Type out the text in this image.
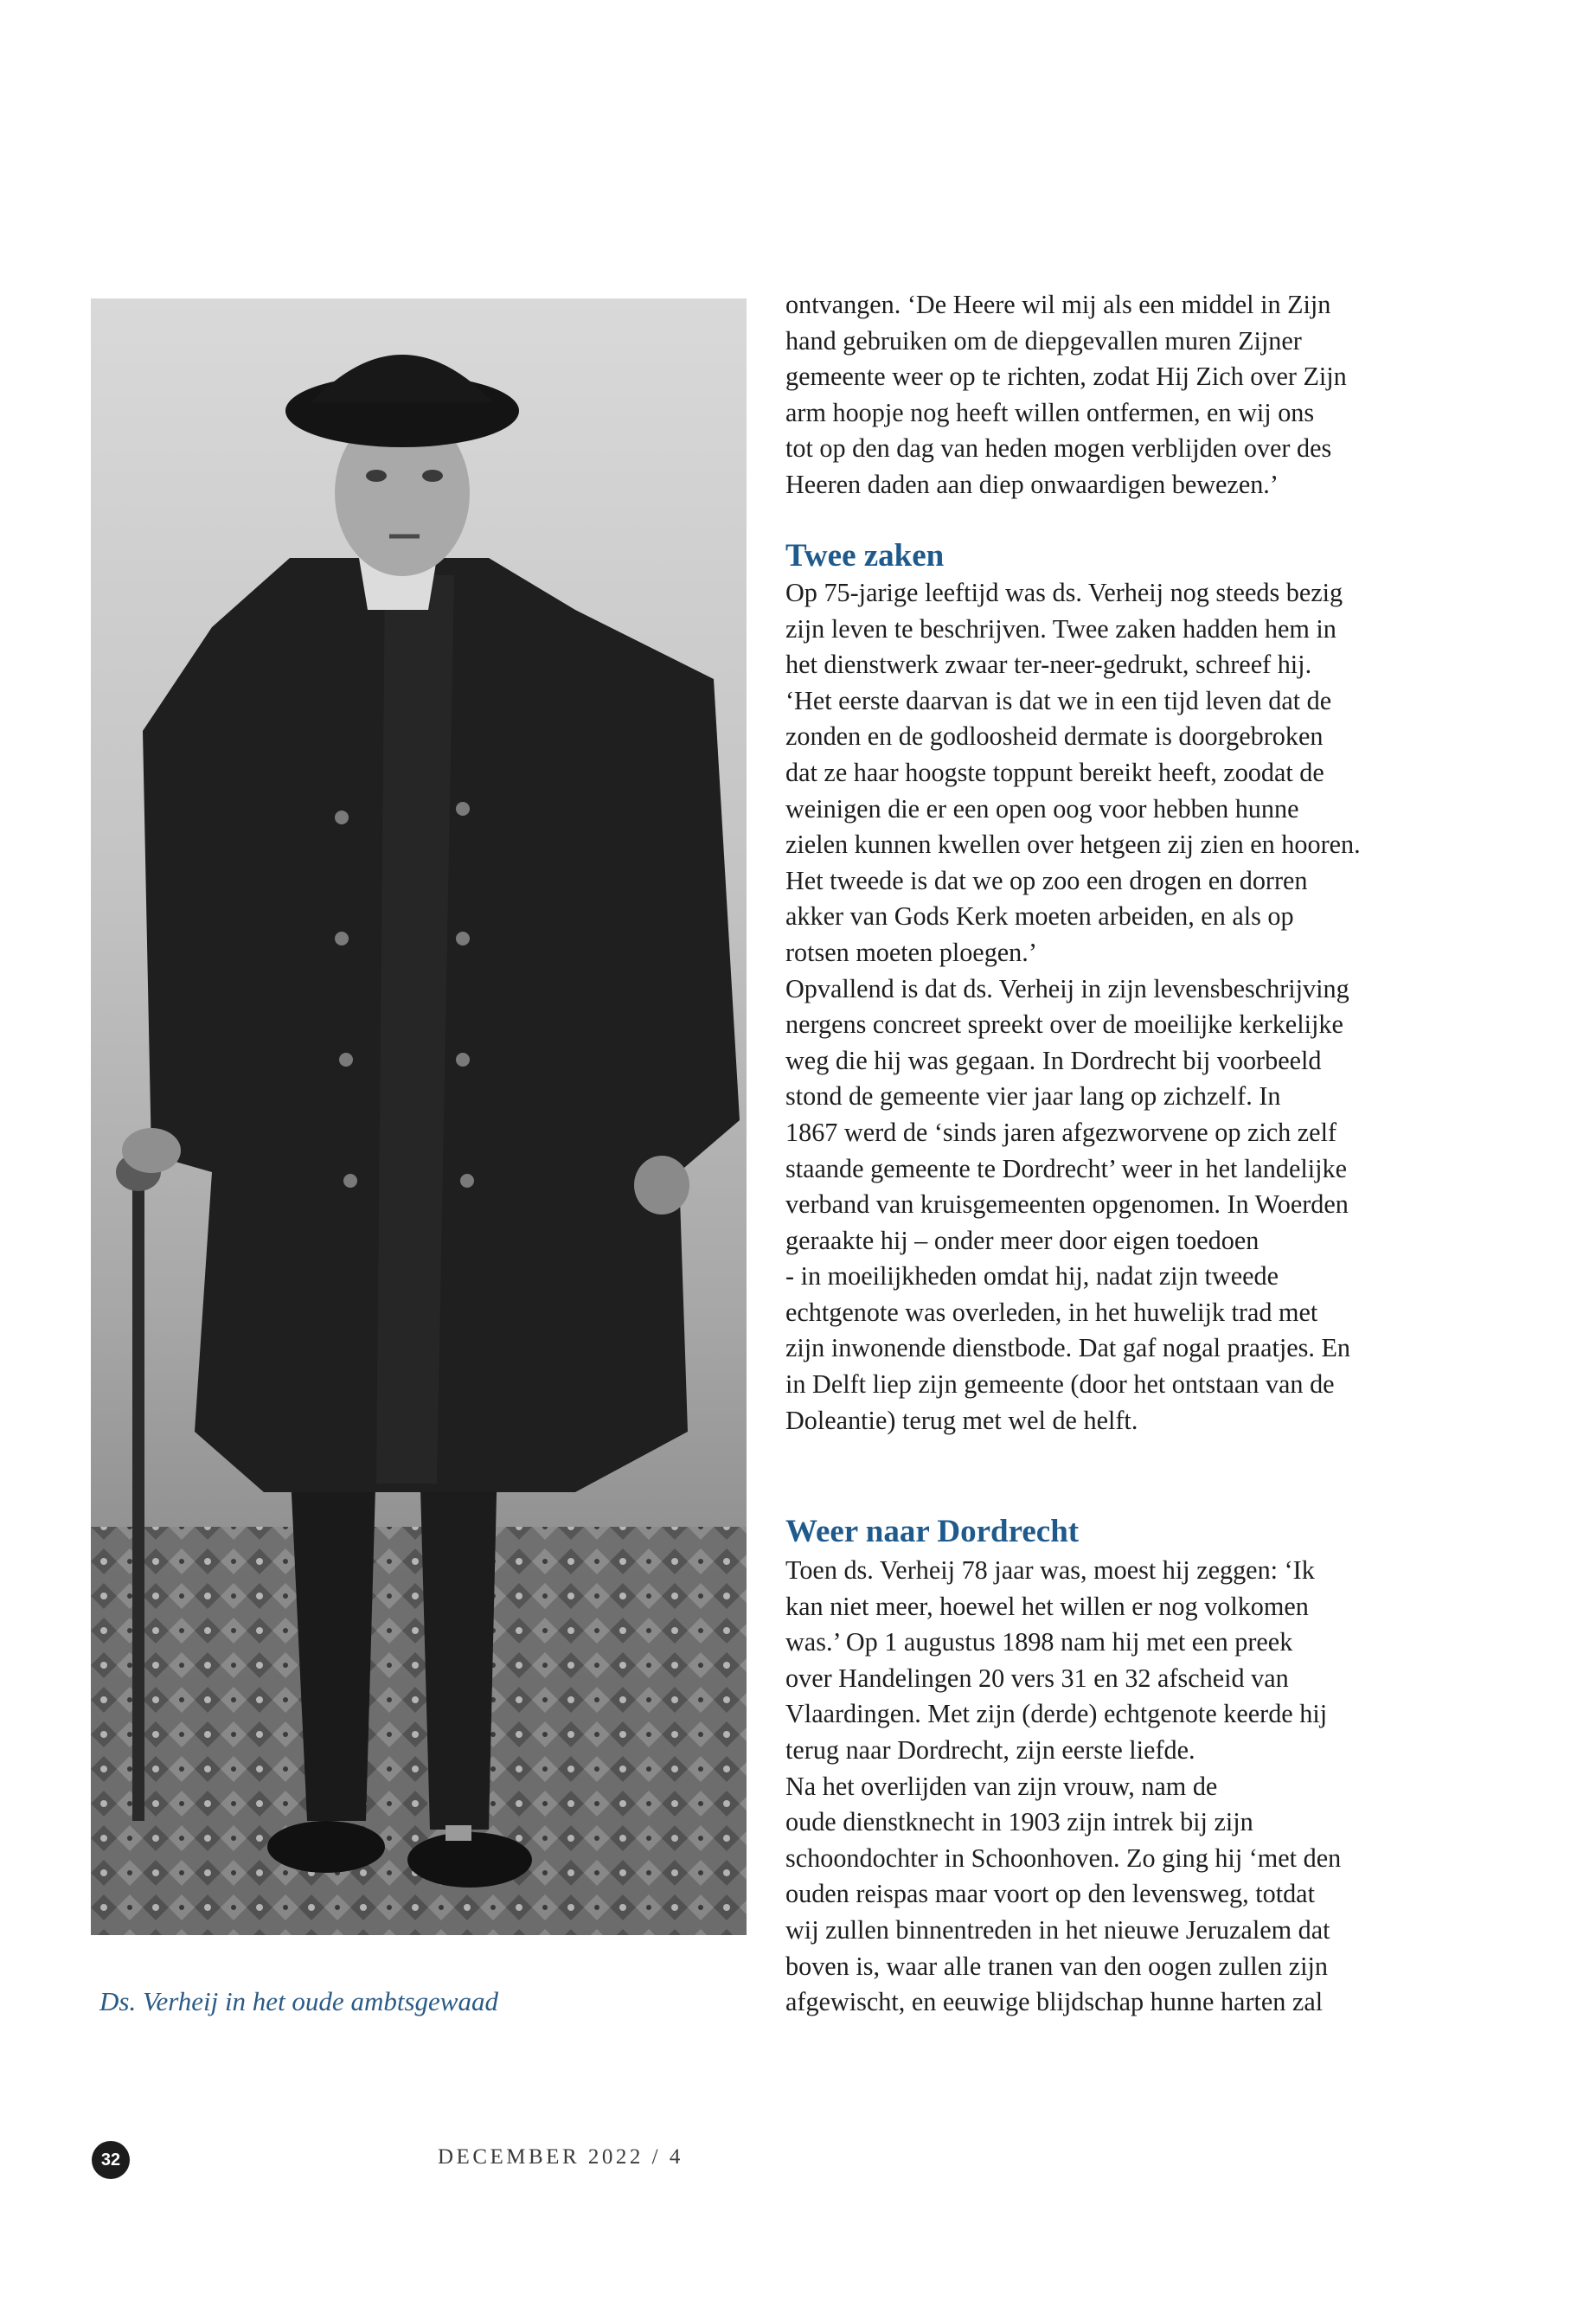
Ds. Verheij in het oude ambtsgewaad

ontvangen. ‘De Heere wil mij als een middel in Zijn
hand gebruiken om de diepgevallen muren Zijner
gemeente weer op te richten, zodat Hij Zich over Zijn
arm hoopje nog heeft willen ontfermen, en wij ons
tot op den dag van heden mogen verblijden over des
Heeren daden aan diep onwaardigen bewezen.’

Twee zaken

Op 75-jarige leeftijd was ds. Verheij nog steeds bezig
zijn leven te beschrijven. Twee zaken hadden hem in
het dienstwerk zwaar ter-neer-gedrukt, schreef hij.
‘Het eerste daarvan is dat we in een tijd leven dat de
zonden en de godloosheid dermate is doorgebroken
dat ze haar hoogste toppunt bereikt heeft, zoodat de
weinigen die er een open oog voor hebben hunne
zielen kunnen kwellen over hetgeen zij zien en hooren.
Het tweede is dat we op zoo een drogen en dorren
akker van Gods Kerk moeten arbeiden, en als op
rotsen moeten ploegen.’
Opvallend is dat ds. Verheij in zijn levensbeschrijving
nergens concreet spreekt over de moeilijke kerkelijke
weg die hij was gegaan. In Dordrecht bij voorbeeld
stond de gemeente vier jaar lang op zichzelf. In
1867 werd de ‘sinds jaren afgezworvene op zich zelf
staande gemeente te Dordrecht’ weer in het landelijke
verband van kruisgemeenten opgenomen. In Woerden
geraakte hij – onder meer door eigen toedoen
- in moeilijkheden omdat hij, nadat zijn tweede
echtgenote was overleden, in het huwelijk trad met
zijn inwonende dienstbode. Dat gaf nogal praatjes. En
in Delft liep zijn gemeente (door het ontstaan van de
Doleantie) terug met wel de helft.

Weer naar Dordrecht

Toen ds. Verheij 78 jaar was, moest hij zeggen: ‘Ik
kan niet meer, hoewel het willen er nog volkomen
was.’ Op 1 augustus 1898 nam hij met een preek
over Handelingen 20 vers 31 en 32 afscheid van
Vlaardingen. Met zijn (derde) echtgenote keerde hij
terug naar Dordrecht, zijn eerste liefde.
Na het overlijden van zijn vrouw, nam de
oude dienstknecht in 1903 zijn intrek bij zijn
schoondochter in Schoonhoven. Zo ging hij ‘met den
ouden reispas maar voort op den levensweg, totdat
wij zullen binnentreden in het nieuwe Jeruzalem dat
boven is, waar alle tranen van den oogen zullen zijn
afgewischt, en eeuwige blijdschap hunne harten zal

32	DECEMBER 2022 / 4
